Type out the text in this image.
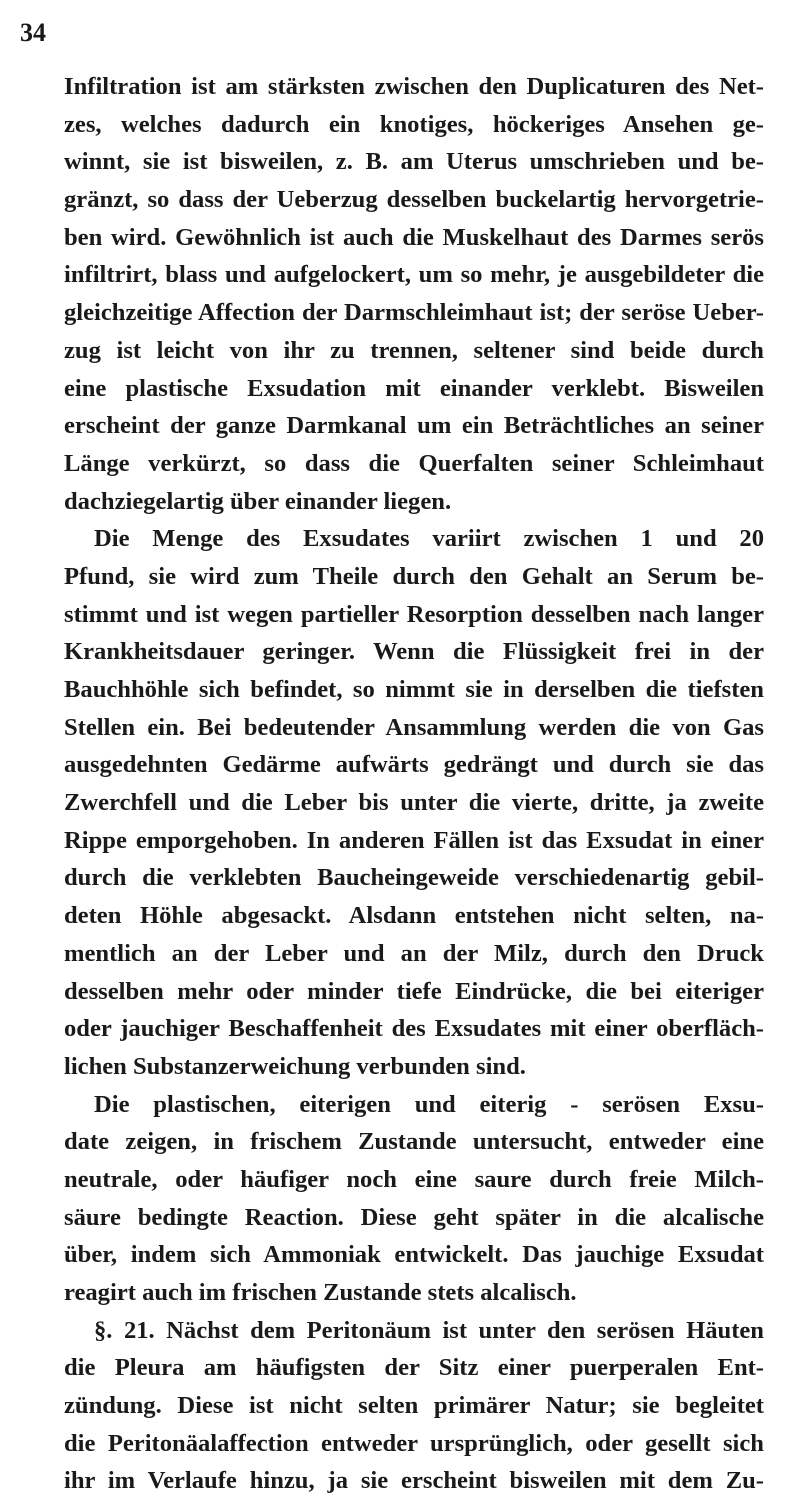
34
Infiltration ist am stärksten zwischen den Duplicaturen des Net-
zes, welches dadurch ein knotiges, höckeriges Ansehen ge-
winnt, sie ist bisweilen, z. B. am Uterus umschrieben und be-
gränzt, so dass der Ueberzug desselben buckelartig hervorgetrie-
ben wird. Gewöhnlich ist auch die Muskelhaut des Darmes serös
infiltrirt, blass und aufgelockert, um so mehr, je ausgebildeter die
gleichzeitige Affection der Darmschleimhaut ist; der seröse Ueber-
zug ist leicht von ihr zu trennen, seltener sind beide durch
eine plastische Exsudation mit einander verklebt. Bisweilen
erscheint der ganze Darmkanal um ein Beträchtliches an seiner
Länge verkürzt, so dass die Querfalten seiner Schleimhaut
dachziegelartig über einander liegen.
Die Menge des Exsudates variirt zwischen 1 und 20
Pfund, sie wird zum Theile durch den Gehalt an Serum be-
stimmt und ist wegen partieller Resorption desselben nach langer
Krankheitsdauer geringer. Wenn die Flüssigkeit frei in der
Bauchhöhle sich befindet, so nimmt sie in derselben die tiefsten
Stellen ein. Bei bedeutender Ansammlung werden die von Gas
ausgedehnten Gedärme aufwärts gedrängt und durch sie das
Zwerchfell und die Leber bis unter die vierte, dritte, ja zweite
Rippe emporgehoben. In anderen Fällen ist das Exsudat in einer
durch die verklebten Baucheingeweide verschiedenartig gebil-
deten Höhle abgesackt. Alsdann entstehen nicht selten, na-
mentlich an der Leber und an der Milz, durch den Druck
desselben mehr oder minder tiefe Eindrücke, die bei eiteriger
oder jauchiger Beschaffenheit des Exsudates mit einer oberfläch-
lichen Substanzerweichung verbunden sind.
Die plastischen, eiterigen und eiterig - serösen Exsu-
date zeigen, in frischem Zustande untersucht, entweder eine
neutrale, oder häufiger noch eine saure durch freie Milch-
säure bedingte Reaction. Diese geht später in die alcalische
über, indem sich Ammoniak entwickelt. Das jauchige Exsudat
reagirt auch im frischen Zustande stets alcalisch.
§. 21. Nächst dem Peritonäum ist unter den serösen Häuten
die Pleura am häufigsten der Sitz einer puerperalen Ent-
zündung. Diese ist nicht selten primärer Natur; sie begleitet
die Peritonäalaffection entweder ursprünglich, oder gesellt sich
ihr im Verlaufe hinzu, ja sie erscheint bisweilen mit dem Zu-
